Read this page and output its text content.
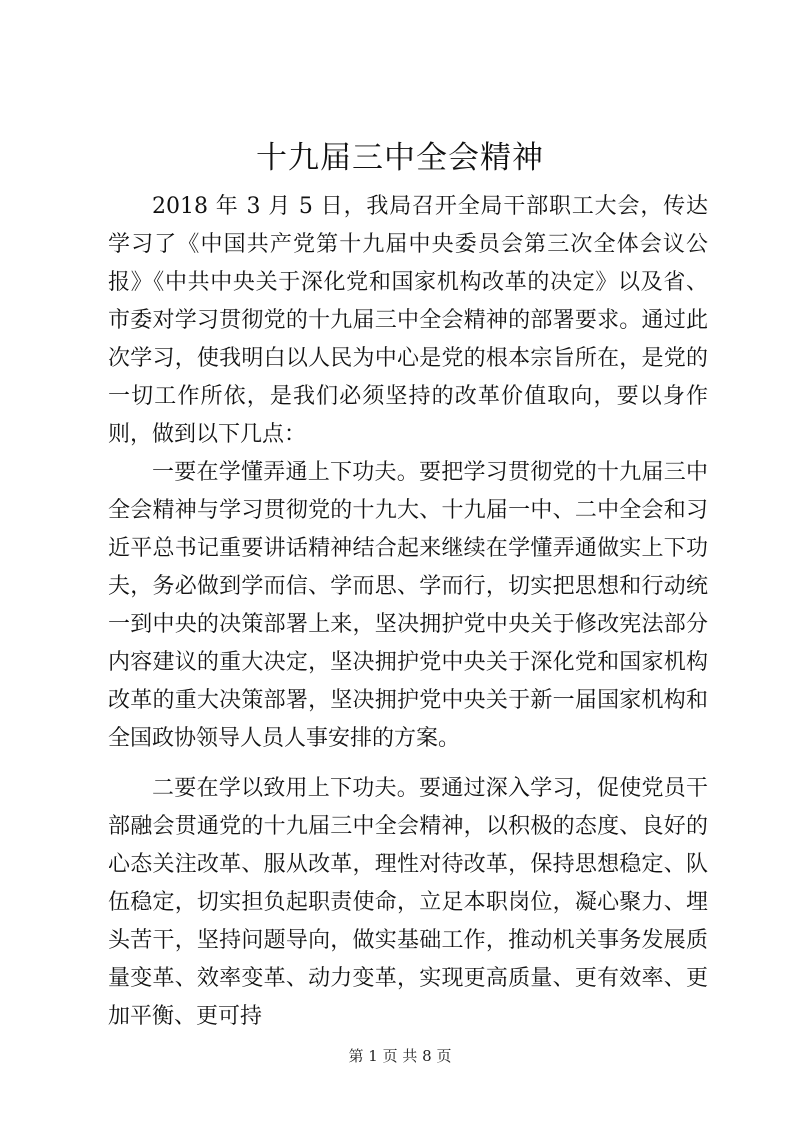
十九届三中全会精神

2018 年 3 月 5 日，我局召开全局干部职工大会，传达学习了《中国共产党第十九届中央委员会第三次全体会议公报》《中共中央关于深化党和国家机构改革的决定》以及省、市委对学习贯彻党的十九届三中全会精神的部署要求。通过此次学习，使我明白以人民为中心是党的根本宗旨所在，是党的一切工作所依，是我们必须坚持的改革价值取向，要以身作则，做到以下几点：

一要在学懂弄通上下功夫。要把学习贯彻党的十九届三中全会精神与学习贯彻党的十九大、十九届一中、二中全会和习近平总书记重要讲话精神结合起来继续在学懂弄通做实上下功夫，务必做到学而信、学而思、学而行，切实把思想和行动统一到中央的决策部署上来，坚决拥护党中央关于修改宪法部分内容建议的重大决定，坚决拥护党中央关于深化党和国家机构改革的重大决策部署，坚决拥护党中央关于新一届国家机构和全国政协领导人员人事安排的方案。

二要在学以致用上下功夫。要通过深入学习，促使党员干部融会贯通党的十九届三中全会精神，以积极的态度、良好的心态关注改革、服从改革，理性对待改革，保持思想稳定、队伍稳定，切实担负起职责使命，立足本职岗位，凝心聚力、埋头苦干，坚持问题导向，做实基础工作，推动机关事务发展质量变革、效率变革、动力变革，实现更高质量、更有效率、更加平衡、更可持

第 1 页 共 8 页
